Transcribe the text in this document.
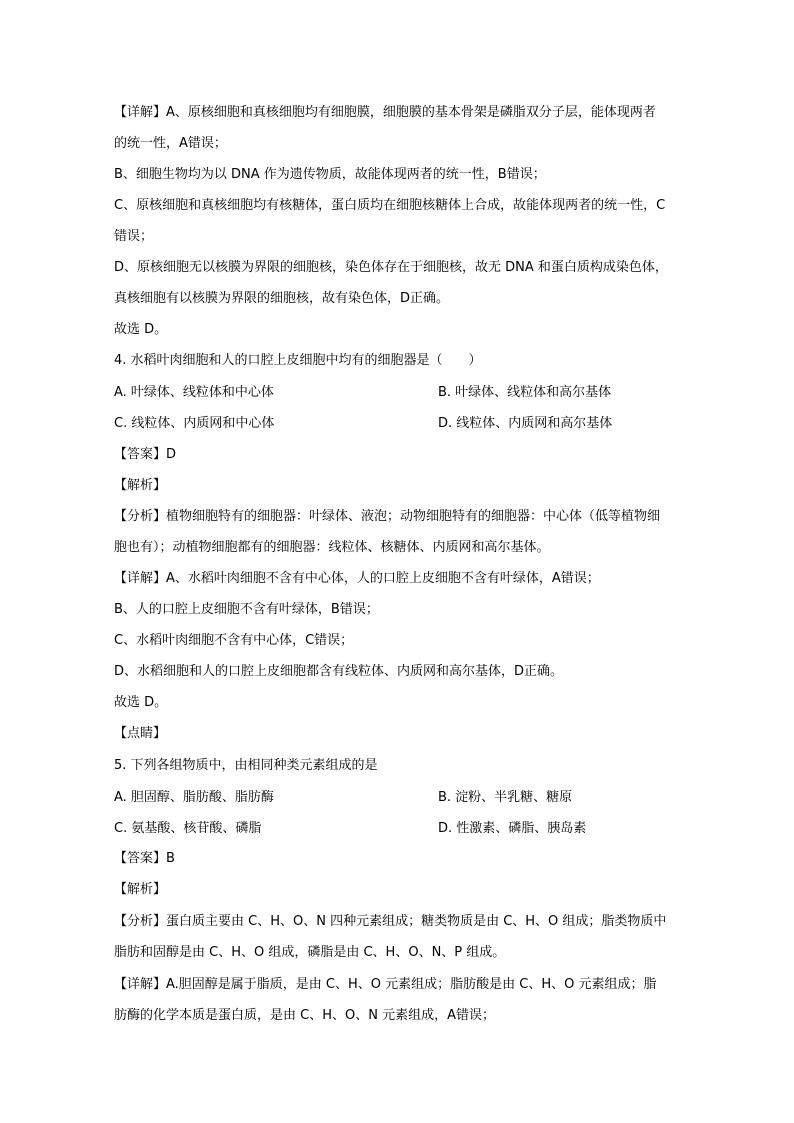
【详解】A、原核细胞和真核细胞均有细胞膜，细胞膜的基本骨架是磷脂双分子层，能体现两者
的统一性，A错误；
B、细胞生物均为以 DNA 作为遗传物质，故能体现两者的统一性，B错误；
C、原核细胞和真核细胞均有核糖体，蛋白质均在细胞核糖体上合成，故能体现两者的统一性，C
错误；
D、原核细胞无以核膜为界限的细胞核，染色体存在于细胞核，故无 DNA 和蛋白质构成染色体，
真核细胞有以核膜为界限的细胞核，故有染色体，D正确。
故选 D。
4. 水稻叶肉细胞和人的口腔上皮细胞中均有的细胞器是（　　）
A. 叶绿体、线粒体和中心体	B. 叶绿体、线粒体和高尔基体
C. 线粒体、内质网和中心体	D. 线粒体、内质网和高尔基体
【答案】D
【解析】
【分析】植物细胞特有的细胞器：叶绿体、液泡；动物细胞特有的细胞器：中心体（低等植物细
胞也有）；动植物细胞都有的细胞器：线粒体、核糖体、内质网和高尔基体。
【详解】A、水稻叶肉细胞不含有中心体，人的口腔上皮细胞不含有叶绿体，A错误；
B、人的口腔上皮细胞不含有叶绿体，B错误；
C、水稻叶肉细胞不含有中心体，C错误；
D、水稻细胞和人的口腔上皮细胞都含有线粒体、内质网和高尔基体，D正确。
故选 D。
【点睛】
5. 下列各组物质中，由相同种类元素组成的是
A. 胆固醇、脂肪酸、脂肪酶	B. 淀粉、半乳糖、糖原
C. 氨基酸、核苷酸、磷脂	D. 性激素、磷脂、胰岛素
【答案】B
【解析】
【分析】蛋白质主要由 C、H、O、N 四种元素组成；糖类物质是由 C、H、O 组成；脂类物质中
脂肪和固醇是由 C、H、O 组成，磷脂是由 C、H、O、N、P 组成。
【详解】A.胆固醇是属于脂质，是由 C、H、O 元素组成；脂肪酸是由 C、H、O 元素组成；脂
肪酶的化学本质是蛋白质，是由 C、H、O、N 元素组成，A错误；
